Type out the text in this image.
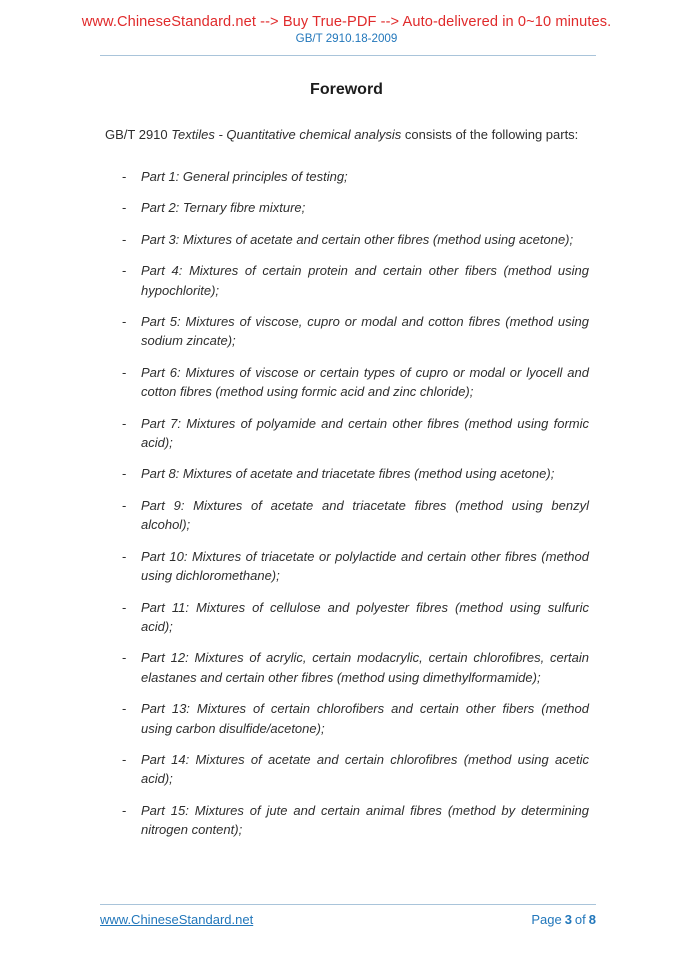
www.ChineseStandard.net --> Buy True-PDF --> Auto-delivered in 0~10 minutes.
GB/T 2910.18-2009
Foreword
GB/T 2910 Textiles - Quantitative chemical analysis consists of the following parts:
- Part 1: General principles of testing;
- Part 2: Ternary fibre mixture;
- Part 3: Mixtures of acetate and certain other fibres (method using acetone);
- Part 4: Mixtures of certain protein and certain other fibers (method using hypochlorite);
- Part 5: Mixtures of viscose, cupro or modal and cotton fibres (method using sodium zincate);
- Part 6: Mixtures of viscose or certain types of cupro or modal or lyocell and cotton fibres (method using formic acid and zinc chloride);
- Part 7: Mixtures of polyamide and certain other fibres (method using formic acid);
- Part 8: Mixtures of acetate and triacetate fibres (method using acetone);
- Part 9: Mixtures of acetate and triacetate fibres (method using benzyl alcohol);
- Part 10: Mixtures of triacetate or polylactide and certain other fibres (method using dichloromethane);
- Part 11: Mixtures of cellulose and polyester fibres (method using sulfuric acid);
- Part 12: Mixtures of acrylic, certain modacrylic, certain chlorofibres, certain elastanes and certain other fibres (method using dimethylformamide);
- Part 13: Mixtures of certain chlorofibers and certain other fibers (method using carbon disulfide/acetone);
- Part 14: Mixtures of acetate and certain chlorofibres (method using acetic acid);
- Part 15: Mixtures of jute and certain animal fibres (method by determining nitrogen content);
www.ChineseStandard.net	Page 3 of 8
